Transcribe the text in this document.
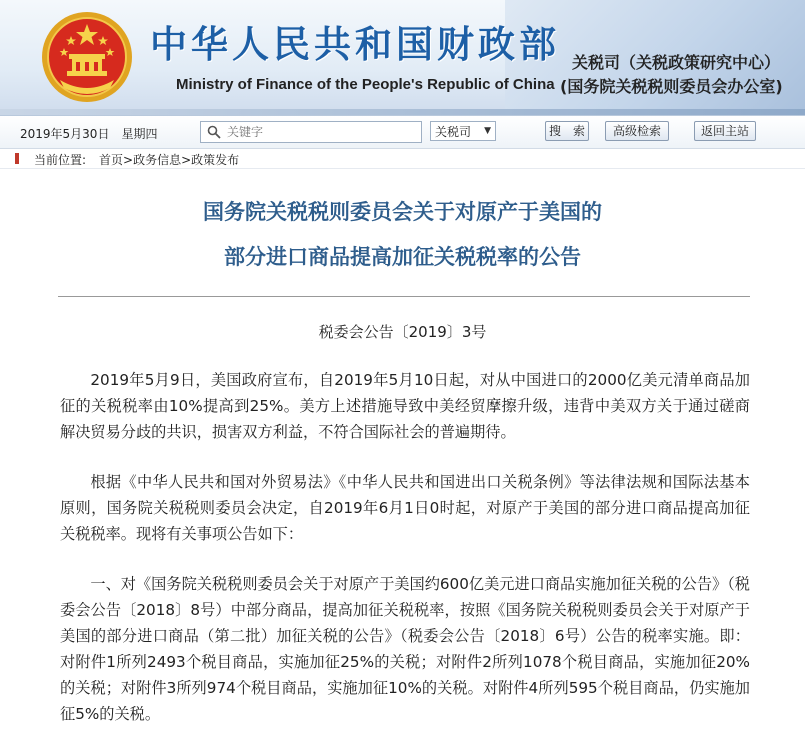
中华人民共和国财政部
Ministry of Finance of the People's Republic of China
关税司（关税政策研究中心）
(国务院关税税则委员会办公室)
2019年5月30日　星期四
关键字	关税司 ▼	搜　索	高级检索	返回主站
当前位置: 首页>政务信息>政策发布
国务院关税税则委员会关于对原产于美国的
部分进口商品提高加征关税税率的公告
税委会公告〔2019〕3号

2019年5月9日，美国政府宣布，自2019年5月10日起，对从中国进口的2000亿美元清单商品加征的关税税率由10%提高到25%。美方上述措施导致中美经贸摩擦升级，违背中美双方关于通过磋商解决贸易分歧的共识，损害双方利益，不符合国际社会的普遍期待。

根据《中华人民共和国对外贸易法》《中华人民共和国进出口关税条例》等法律法规和国际法基本原则，国务院关税税则委员会决定，自2019年6月1日0时起，对原产于美国的部分进口商品提高加征关税税率。现将有关事项公告如下：

一、对《国务院关税税则委员会关于对原产于美国约600亿美元进口商品实施加征关税的公告》（税委会公告〔2018〕8号）中部分商品，提高加征关税税率，按照《国务院关税税则委员会关于对原产于美国的部分进口商品（第二批）加征关税的公告》（税委会公告〔2018〕6号）公告的税率实施。即：对附件1所列2493个税目商品，实施加征25%的关税；对附件2所列1078个税目商品，实施加征20%的关税；对附件3所列974个税目商品，实施加征10%的关税。对附件4所列595个税目商品，仍实施加征5%的关税。
